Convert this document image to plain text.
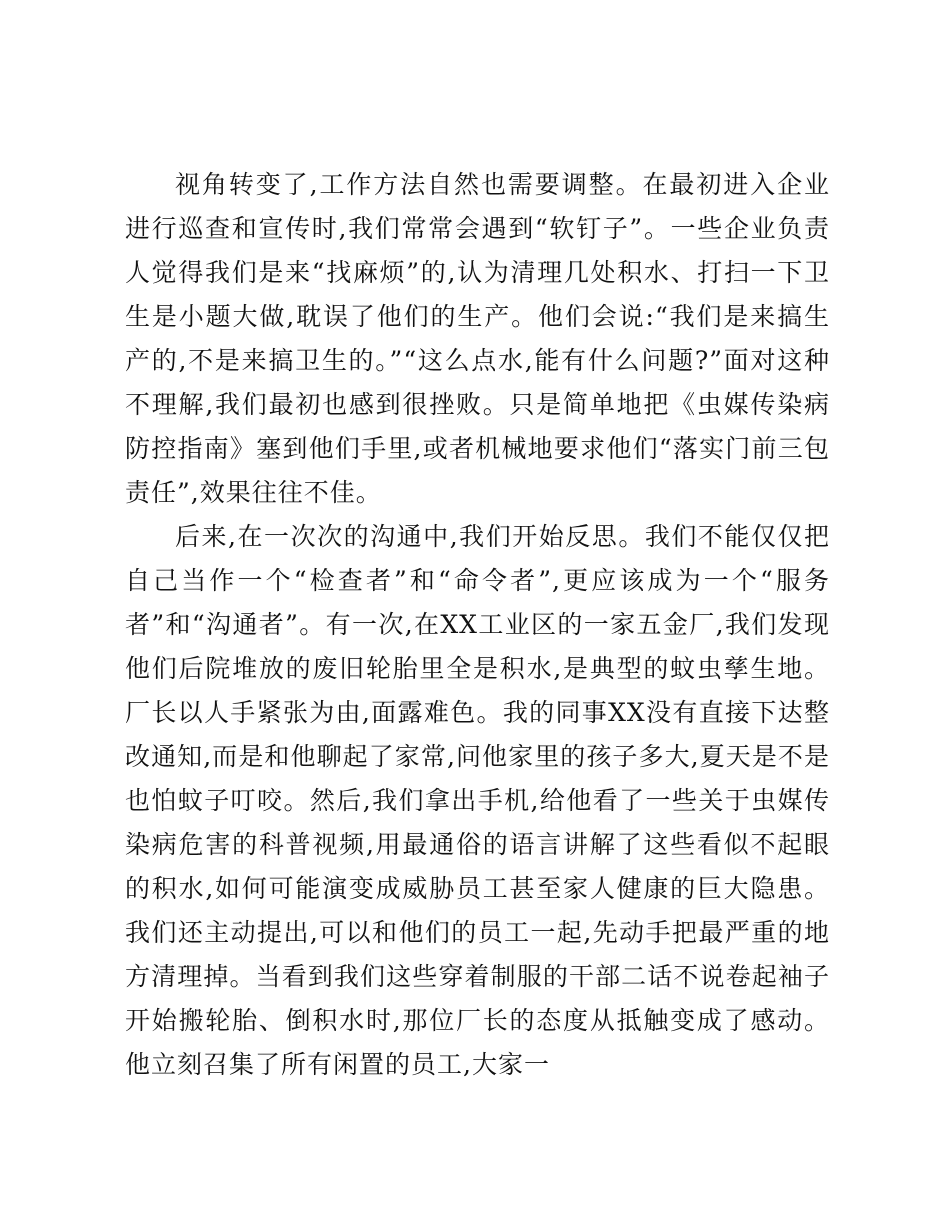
视角转变了,工作方法自然也需要调整。在最初进入企业进行巡查和宣传时,我们常常会遇到“软钉子”。一些企业负责人觉得我们是来“找麻烦”的,认为清理几处积水、打扫一下卫生是小题大做,耽误了他们的生产。他们会说:“我们是来搞生产的,不是来搞卫生的。”“这么点水,能有什么问题?”面对这种不理解,我们最初也感到很挫败。只是简单地把《虫媒传染病防控指南》塞到他们手里,或者机械地要求他们“落实门前三包责任”,效果往往不佳。

后来,在一次次的沟通中,我们开始反思。我们不能仅仅把自己当作一个“检查者”和“命令者”,更应该成为一个“服务者”和“沟通者”。有一次,在XX工业区的一家五金厂,我们发现他们后院堆放的废旧轮胎里全是积水,是典型的蚊虫孳生地。厂长以人手紧张为由,面露难色。我的同事XX没有直接下达整改通知,而是和他聊起了家常,问他家里的孩子多大,夏天是不是也怕蚊子叮咬。然后,我们拿出手机,给他看了一些关于虫媒传染病危害的科普视频,用最通俗的语言讲解了这些看似不起眼的积水,如何可能演变成威胁员工甚至家人健康的巨大隐患。我们还主动提出,可以和他们的员工一起,先动手把最严重的地方清理掉。当看到我们这些穿着制服的干部二话不说卷起袖子开始搬轮胎、倒积水时,那位厂长的态度从抵触变成了感动。他立刻召集了所有闲置的员工,大家一
